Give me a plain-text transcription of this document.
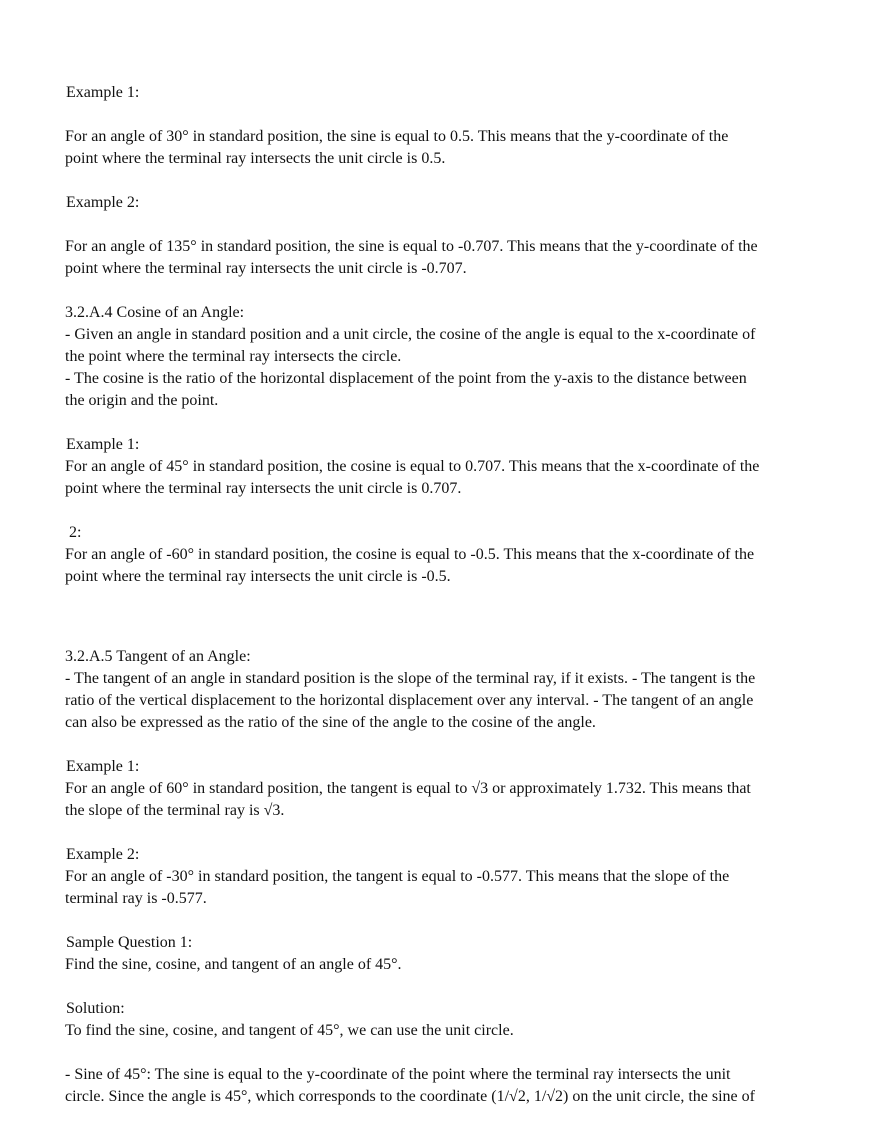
Example 1:
For an angle of 30° in standard position, the sine is equal to 0.5. This means that the y-coordinate of the
point where the terminal ray intersects the unit circle is 0.5.
Example 2:
For an angle of 135° in standard position, the sine is equal to -0.707. This means that the y-coordinate of the
point where the terminal ray intersects the unit circle is -0.707.
3.2.A.4 Cosine of an Angle:
- Given an angle in standard position and a unit circle, the cosine of the angle is equal to the x-coordinate of
the point where the terminal ray intersects the circle.
- The cosine is the ratio of the horizontal displacement of the point from the y-axis to the distance between
the origin and the point.
Example 1:
For an angle of 45° in standard position, the cosine is equal to 0.707. This means that the x-coordinate of the
point where the terminal ray intersects the unit circle is 0.707.
2:
For an angle of -60° in standard position, the cosine is equal to -0.5. This means that the x-coordinate of the
point where the terminal ray intersects the unit circle is -0.5.
3.2.A.5 Tangent of an Angle:
- The tangent of an angle in standard position is the slope of the terminal ray, if it exists. - The tangent is the
ratio of the vertical displacement to the horizontal displacement over any interval. - The tangent of an angle
can also be expressed as the ratio of the sine of the angle to the cosine of the angle.
Example 1:
For an angle of 60° in standard position, the tangent is equal to √3 or approximately 1.732. This means that
the slope of the terminal ray is √3.
Example 2:
For an angle of -30° in standard position, the tangent is equal to -0.577. This means that the slope of the
terminal ray is -0.577.
Sample Question 1:
Find the sine, cosine, and tangent of an angle of 45°.
Solution:
To find the sine, cosine, and tangent of 45°, we can use the unit circle.
- Sine of 45°: The sine is equal to the y-coordinate of the point where the terminal ray intersects the unit
circle. Since the angle is 45°, which corresponds to the coordinate (1/√2, 1/√2) on the unit circle, the sine of
